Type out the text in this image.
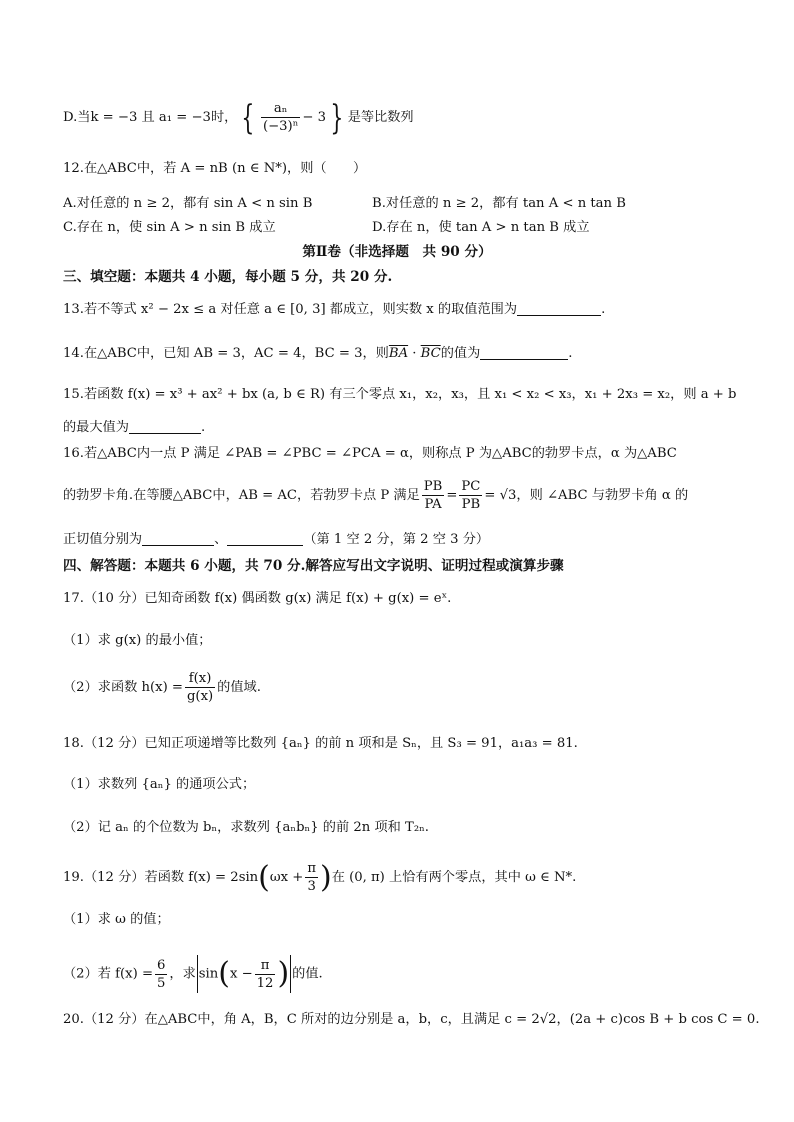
D.当k = −3 且 a₁ = −3时， { $\frac{\text{aₙ}}{\text{(−3)ⁿ}} - 3$ } 是等比数列
12.在△ABC中，若 A = nB (n ∈ N*)，则（　　）
A.对任意的 n ≥ 2，都有 sin A < n sin B	B.对任意的 n ≥ 2，都有 tan A < n tan B
C.存在 n，使 sin A > n sin B 成立	D.存在 n，使 tan A > n tan B 成立
第Ⅱ卷（非选择题　共 90 分）
三、填空题：本题共 4 小题，每小题 5 分，共 20 分.
13.若不等式 x² − 2x ≤ a 对任意 a ∈ [0, 3] 都成立，则实数 x 的取值范围为	.
14.在△ABC中，已知 AB = 3，AC = 4，BC = 3，则$\overline{BA} \cdot \overline{BC}$的值为	.
15.若函数 f(x) = x³ + ax² + bx (a, b ∈ R) 有三个零点 x₁，x₂，x₃，且 x₁ < x₂ < x₃，x₁ + 2x₃ = x₂，则 a + b
的最大值为	.
16.若△ABC内一点 P 满足 ∠PAB = ∠PBC = ∠PCA = α，则称点 P 为△ABC的勃罗卡点，α 为△ABC
的勃罗卡角.在等腰△ABC中，AB = AC，若勃罗卡点 P 满足 $\frac{PB}{PA} = \frac{PC}{PB} = √3$，则 ∠ABC 与勃罗卡角 α 的
正切值分别为	、	（第 1 空 2 分，第 2 空 3 分）
四、解答题：本题共 6 小题，共 70 分.解答应写出文字说明、证明过程或演算步骤
17.（10 分）已知奇函数 f(x) 偶函数 g(x) 满足 f(x) + g(x) = eˣ.
（1）求 g(x) 的最小值；
（2）求函数 $h(x) = \frac{f(x)}{g(x)}$ 的值域.
18.（12 分）已知正项递增等比数列 {aₙ} 的前 n 项和是 Sₙ，且 S₃ = 91，a₁a₃ = 81.
（1）求数列 {aₙ} 的通项公式；
（2）记 aₙ 的个位数为 bₙ，求数列 {aₙbₙ} 的前 2n 项和 T₂ₙ.
19.（12 分）若函数 $f(x) = 2\sin(\omega x + \frac{\pi}{3}$ )在 (0, π) 上恰有两个零点，其中 ω ∈ N*.
（1）求 ω 的值；
（2）若 $f(x) = \frac{6}{5}$ ，求 $\sin(x - \frac{\pi}{12}$ ) 的值.
20.（12 分）在△ABC中，角 A，B，C 所对的边分别是 a，b，c，且满足 c = 2√2，(2a + c)cos B + b cos C = 0.
